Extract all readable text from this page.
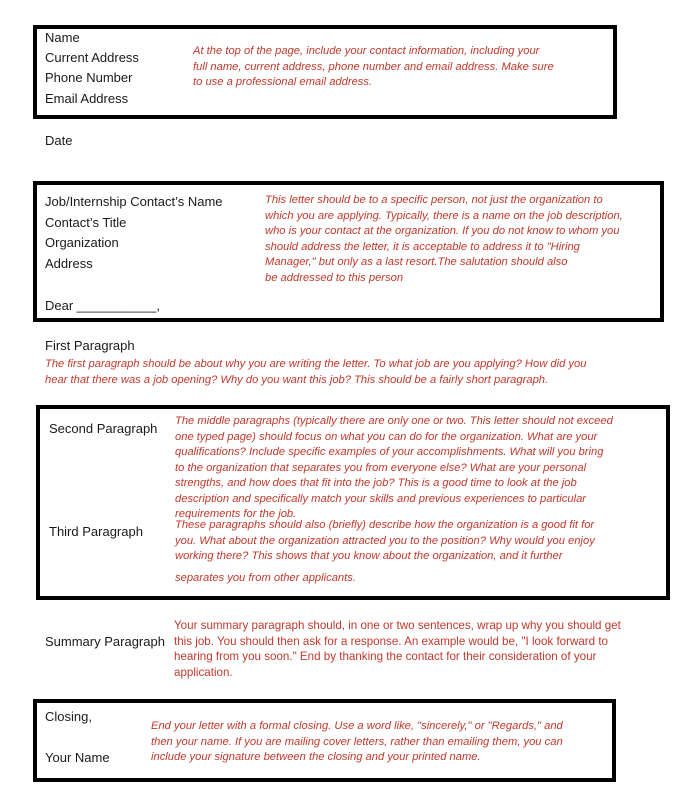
Name
Current Address
Phone Number
Email Address
At the top of the page, include your contact information, including your
full name, current address, phone number and email address. Make sure
to use a professional email address.
Date
Job/Internship Contact’s Name
Contact’s Title
Organization
Address
Dear ___________,
This letter should be to a specific person, not just the organization to
which you are applying. Typically, there is a name on the job description,
who is your contact at the organization. If you do not know to whom you
should address the letter, it is acceptable to address it to "Hiring
Manager," but only as a last resort.The salutation should also
be addressed to this person
First Paragraph
The first paragraph should be about why you are writing the letter. To what job are you applying? How did you
hear that there was a job opening? Why do you want this job? This should be a fairly short paragraph.
Second Paragraph
Third Paragraph
The middle paragraphs (typically there are only one or two. This letter should not exceed
one typed page) should focus on what you can do for the organization. What are your
qualifications? Include specific examples of your accomplishments. What will you bring
to the organization that separates you from everyone else? What are your personal
strengths, and how does that fit into the job? This is a good time to look at the job
description and specifically match your skills and previous experiences to particular
requirements for the job.
These paragraphs should also (briefly) describe how the organization is a good fit for
you. What about the organization attracted you to the position? Why would you enjoy
working there? This shows that you know about the organization, and it further
separates you from other applicants.
Summary Paragraph
Your summary paragraph should, in one or two sentences, wrap up why you should get
this job. You should then ask for a response. An example would be, "I look forward to
hearing from you soon." End by thanking the contact for their consideration of your
application.
Closing,
Your Name
End your letter with a formal closing. Use a word like, "sincerely," or "Regards," and
then your name. If you are mailing cover letters, rather than emailing them, you can
include your signature between the closing and your printed name.
